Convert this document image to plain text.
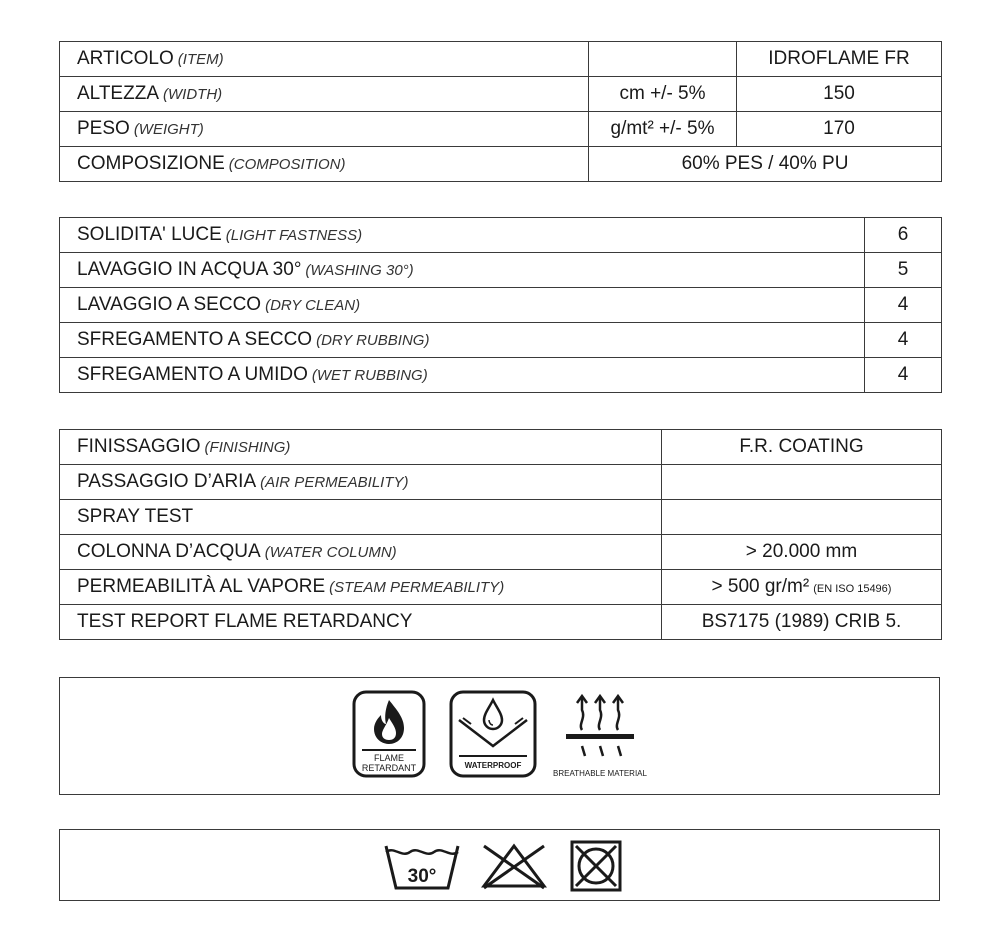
ARTICOLO (ITEM)		IDROFLAME FR
ALTEZZA (WIDTH)	cm +/- 5%	150
PESO (WEIGHT)	g/mt² +/- 5%	170
COMPOSIZIONE (COMPOSITION)	60% PES / 40% PU	
SOLIDITA' LUCE (LIGHT FASTNESS)	6
LAVAGGIO IN ACQUA 30° (WASHING 30°)	5
LAVAGGIO A SECCO (DRY CLEAN)	4
SFREGAMENTO A SECCO (DRY RUBBING)	4
SFREGAMENTO A UMIDO (WET RUBBING)	4
FINISSAGGIO (FINISHING)	F.R. COATING
PASSAGGIO D’ARIA (AIR PERMEABILITY)	
SPRAY TEST	
COLONNA D’ACQUA (WATER COLUMN)	> 20.000 mm
PERMEABILITÀ AL VAPORE (STEAM PERMEABILITY)	> 500 gr/m² (EN ISO 15496)
TEST REPORT FLAME RETARDANCY	BS7175 (1989) CRIB 5.
FLAME
RETARDANT	WATERPROOF
BREATHABLE MATERIAL
30°
